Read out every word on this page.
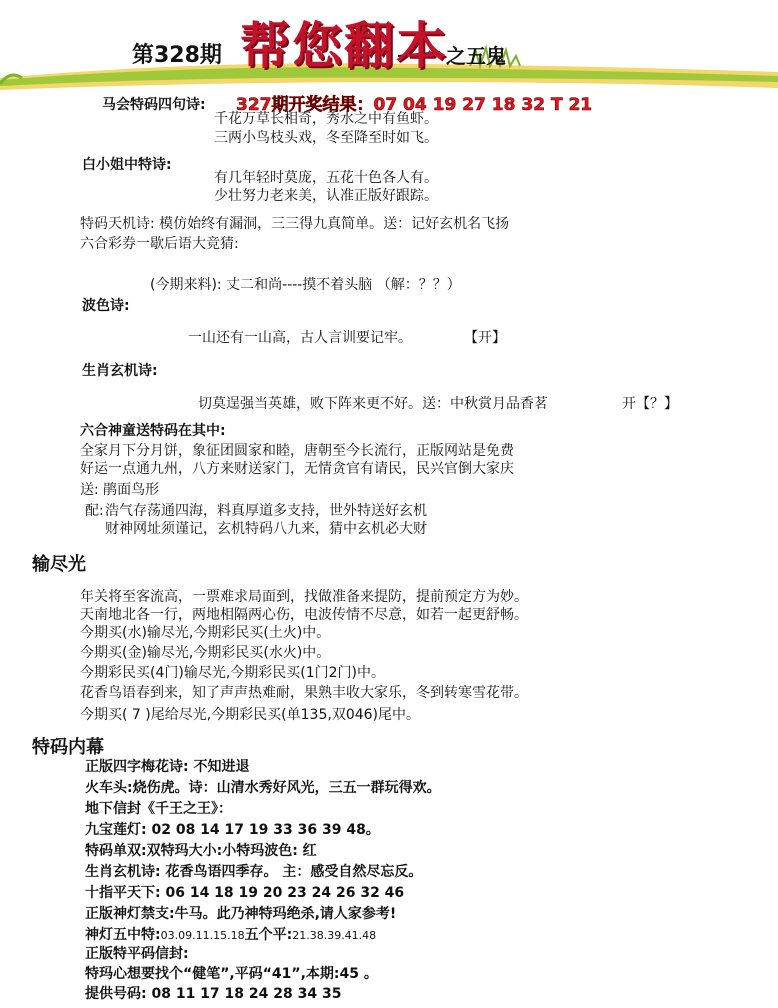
第328期 帮您翻本
之五鬼
马会特码四句诗: 327期开奖结果：07 04 19 27 18 32 T 21
千花万草长相奇，秀水之中有鱼虾。
三两小鸟枝头戏，冬至降至时如飞。
白小姐中特诗:
有几年轻时莫庞，五花十色各人有。
少壮努力老来美，认准正版好跟踪。
特码天机诗: 模仿始终有漏洞，三三得九真简单。送：记好玄机名飞扬
六合彩券一歇后语大竞猜:
(今期来料): 丈二和尚----摸不着头脑 （解：？？）
波色诗:
一山还有一山高，古人言训要记牢。	【开】
生肖玄机诗:
切莫逞强当英雄，败下阵来更不好。送：中秋赏月品香茗	开【？】
六合神童送特码在其中:
全家月下分月饼，象征团圆家和睦，唐朝至今长流行，正版网站是免费
好运一点通九州，八方来财送家门，无情贪官有请民，民兴官倒大家庆
送: 鹃面鸟形
配: 浩气存荡通四海，料真厚道多支持，世外特送好玄机
财神网址须谨记，玄机特码八九来，猜中玄机必大财
输尽光
年关将至客流高，一票难求局面到，找做准备来提防，提前预定方为妙。
天南地北各一行，两地相隔两心伤，电波传情不尽意，如若一起更舒畅。
今期买(水)输尽光,今期彩民买(土火)中。
今期买(金)输尽光,今期彩民买(水火)中。
今期彩民买(4门)输尽光,今期彩民买(1门2门)中。
花香鸟语春到来，知了声声热难耐，果熟丰收大家乐，冬到转寒雪花带。
今期买( 7 )尾给尽光,今期彩民买(单135,双046)尾中。
特码内幕
正版四字梅花诗: 不知进退
火车头:烧伤虎。诗：山清水秀好风光，三五一群玩得欢。
地下信封《千王之王》：
九宝莲灯: 02 08 14 17 19 33 36 39 48。
特码单双:双特玛大小:小特玛波色: 红
生肖玄机诗: 花香鸟语四季存。 主：感受自然尽忘反。
十指平天下: 06 14 18 19 20 23 24 26 32 46
正版神灯禁支:牛马。此乃神特玛绝杀,请人家参考!
神灯五中特:03.09.11.15.18五个平:21.38.39.41.48
正版特平码信封:
特玛心想要找个“健笔”,平码“41”,本期:45 。
提供号码: 08 11 17 18 24 28 34 35
